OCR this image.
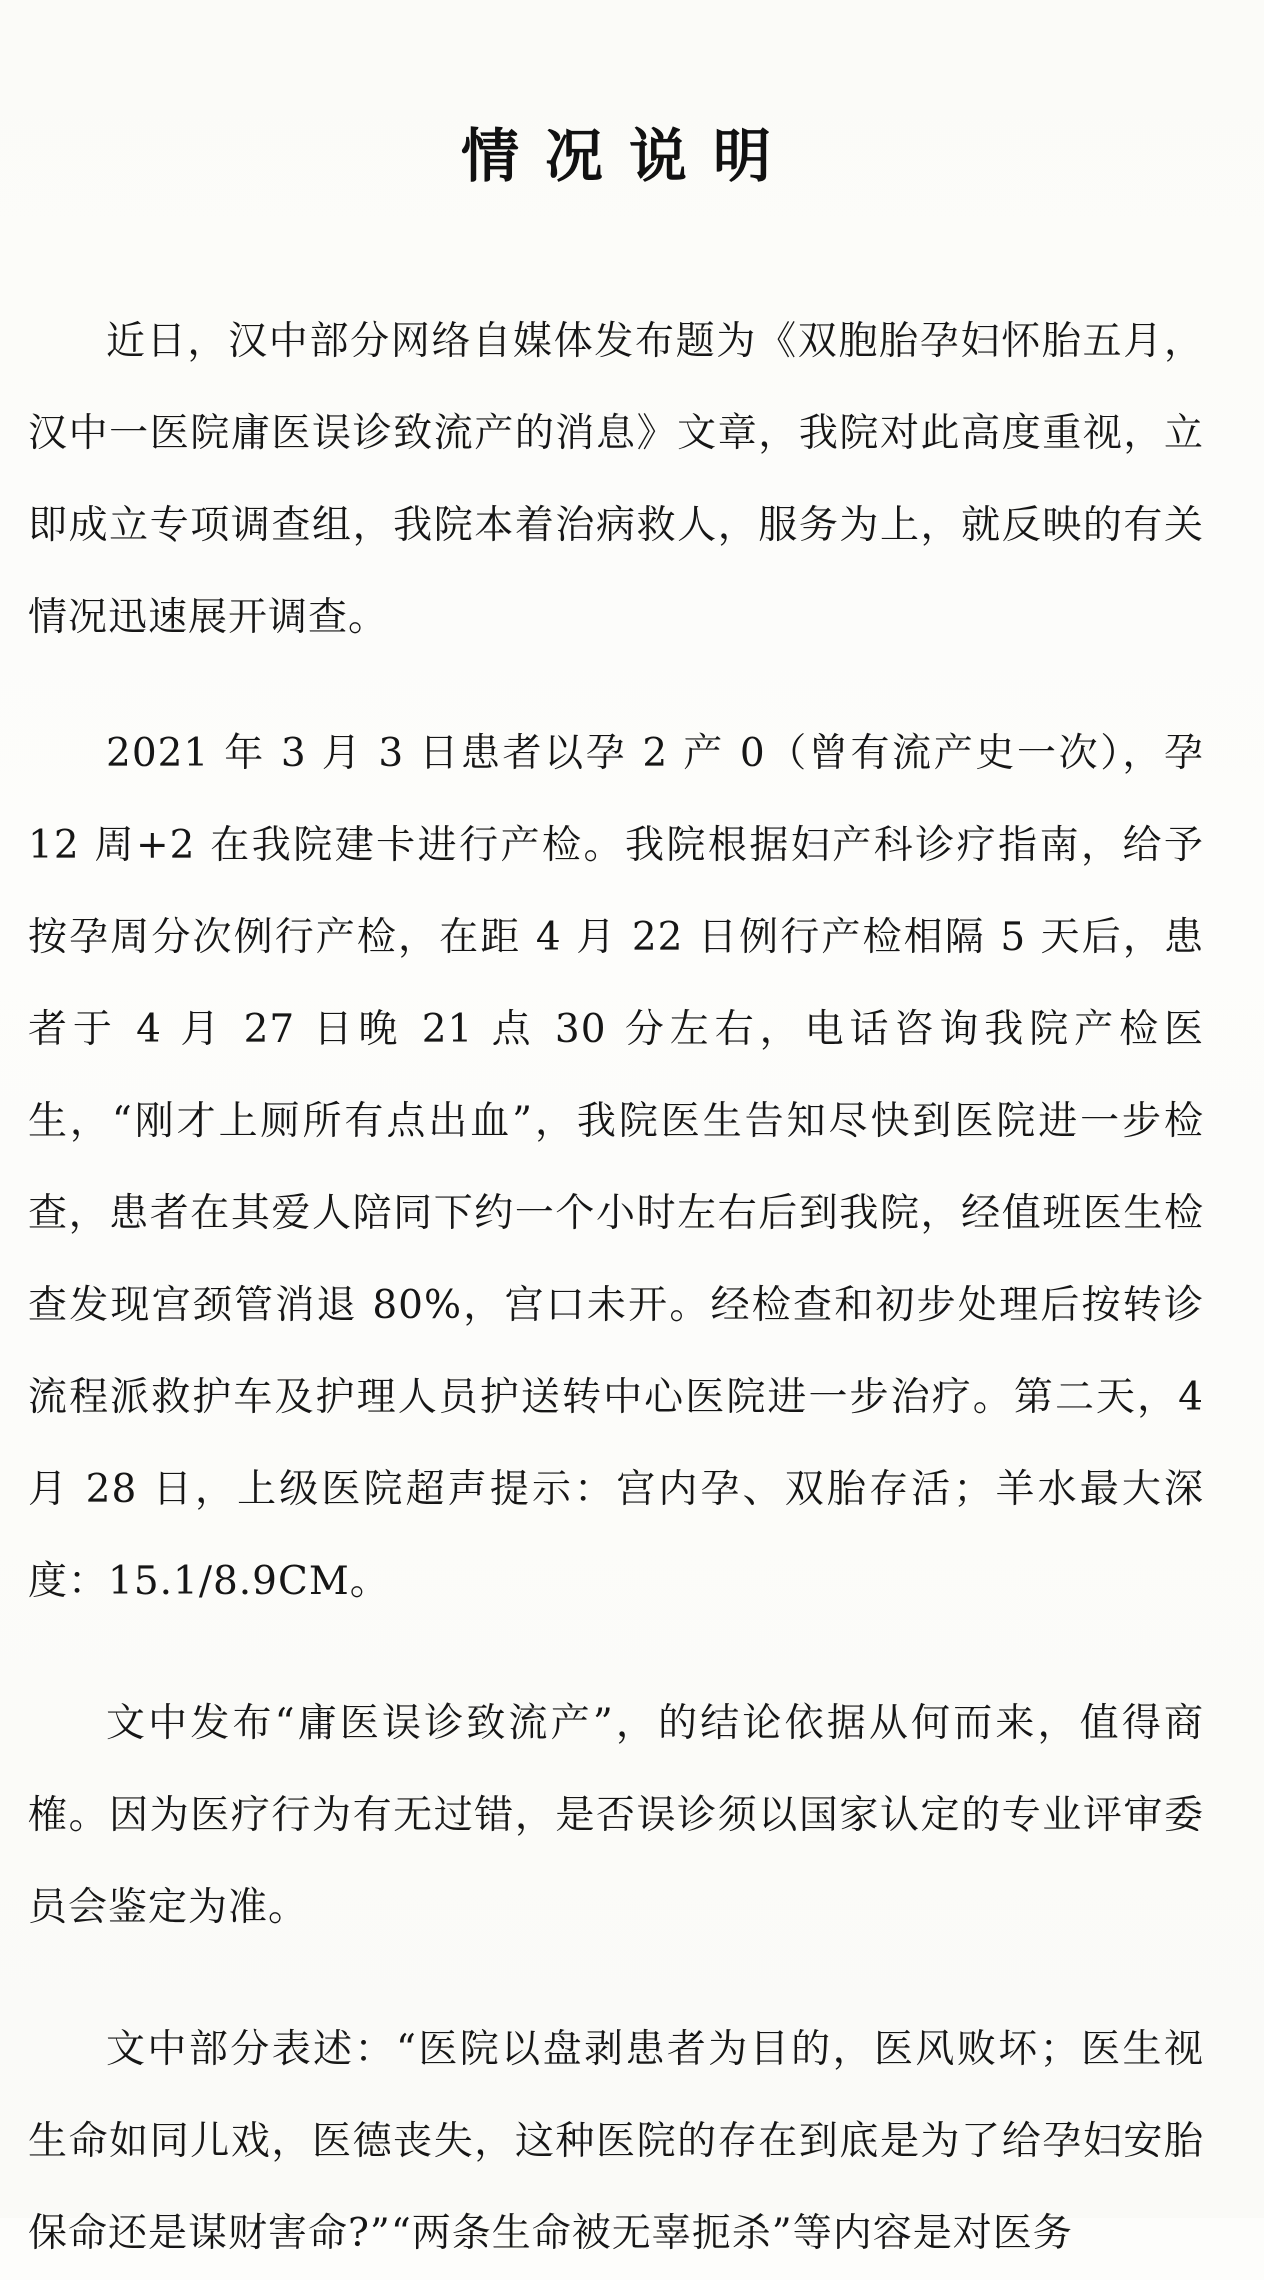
情况说明

近日，汉中部分网络自媒体发布题为《双胞胎孕妇怀胎五月，汉中一医院庸医误诊致流产的消息》文章，我院对此高度重视，立即成立专项调查组，我院本着治病救人，服务为上，就反映的有关情况迅速展开调查。

2021 年 3 月 3 日患者以孕 2 产 0（曾有流产史一次），孕 12 周+2 在我院建卡进行产检。我院根据妇产科诊疗指南，给予按孕周分次例行产检，在距 4 月 22 日例行产检相隔 5 天后，患者于 4 月 27 日晚 21 点 30 分左右，电话咨询我院产检医生，“刚才上厕所有点出血”，我院医生告知尽快到医院进一步检查，患者在其爱人陪同下约一个小时左右后到我院，经值班医生检查发现宫颈管消退 80%，宫口未开。经检查和初步处理后按转诊流程派救护车及护理人员护送转中心医院进一步治疗。第二天，4 月 28 日，上级医院超声提示：宫内孕、双胎存活；羊水最大深度：15.1/8.9CM。

文中发布“庸医误诊致流产”，的结论依据从何而来，值得商榷。因为医疗行为有无过错，是否误诊须以国家认定的专业评审委员会鉴定为准。

文中部分表述：“医院以盘剥患者为目的，医风败坏；医生视生命如同儿戏，医德丧失，这种医院的存在到底是为了给孕妇安胎保命还是谋财害命?”“两条生命被无辜扼杀”等内容是对医务
